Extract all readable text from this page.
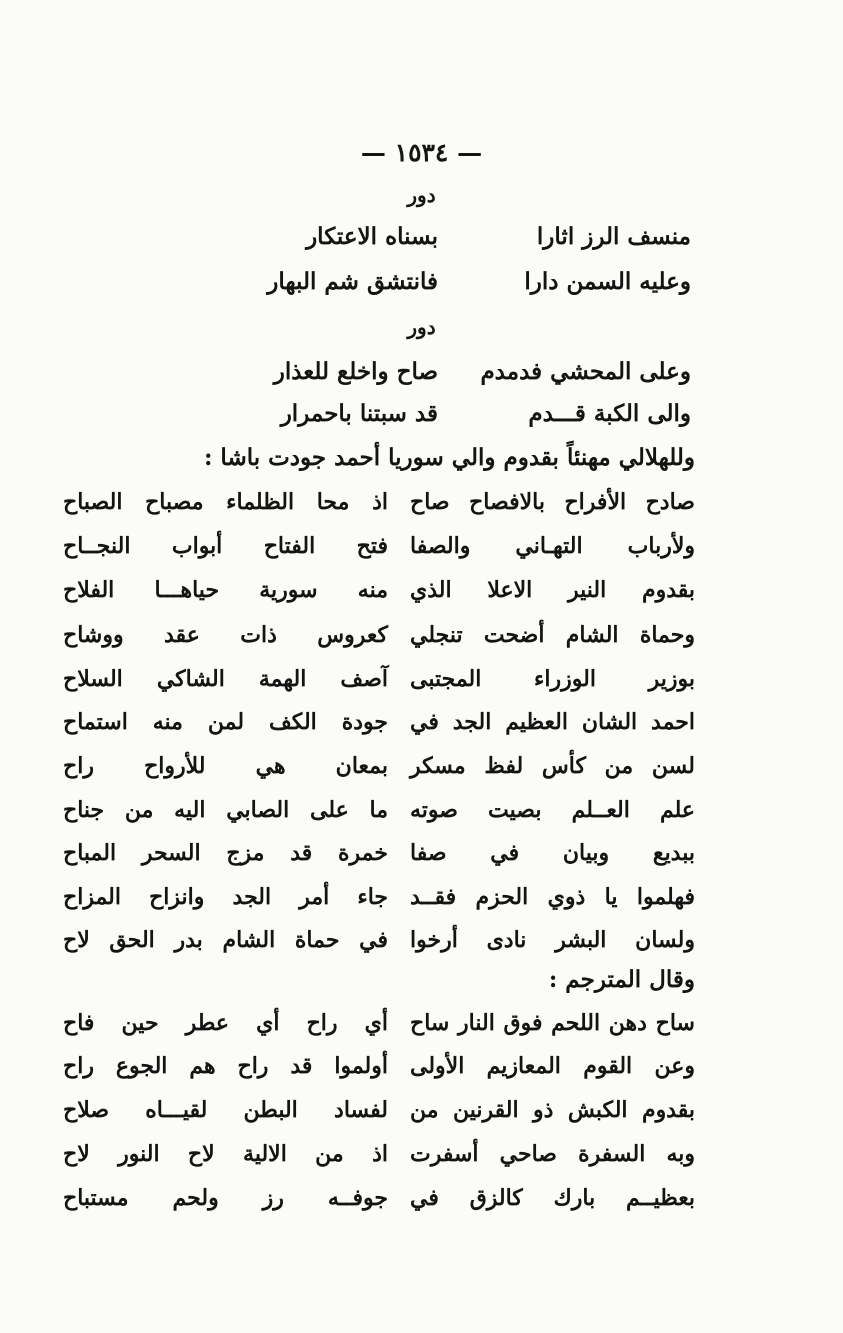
— ١٥٣٤ —
دور
منسف الرز اثارا
بسناه الاعتكار
وعليه السمن دارا
فانتشق شم البهار
دور
وعلى المحشي فدمدم
صاح واخلع للعذار
والى الكبة قـــدم
قد سبتنا باحمرار
وللهلالي مهنئاً بقدوم والي سوريا أحمد جودت باشا :
صادح الأفراح بالافصاح صاح
اذ محا الظلماء مصباح الصباح
ولأرباب التهـاني والصفا
فتح الفتاح أبواب النجــاح
بقدوم النير الاعلا الذي
منه سورية حياهـــا الفلاح
وحماة الشام أضحت تنجلي
كعروس ذات عقد ووشاح
بوزير الوزراء المجتبى
آصف الهمة الشاكي السلاح
احمد الشان العظيم الجد في
جودة الكف لمن منه استماح
لسن من كأس لفظ مسكر
بمعان هي للأرواح راح
علم العــلم بصيت صوته
ما على الصابي اليه من جناح
ببديع وبيان في صفا
خمرة قد مزج السحر المباح
فهلموا يا ذوي الحزم فقــد
جاء أمر الجد وانزاح المزاح
ولسان البشر نادى أرخوا
في حماة الشام بدر الحق لاح
وقال المترجم :
ساح دهن اللحم فوق النار ساح
أي راح أي عطر حين فاح
وعن القوم المعازيم الأولى
أولموا قد راح هم الجوع راح
بقدوم الكبش ذو القرنين من
لفساد البطن لقيـــاه صلاح
وبه السفرة صاحي أسفرت
اذ من الالية لاح النور لاح
بعظيــم بارك كالزق في
جوفــه رز ولحم مستباح
